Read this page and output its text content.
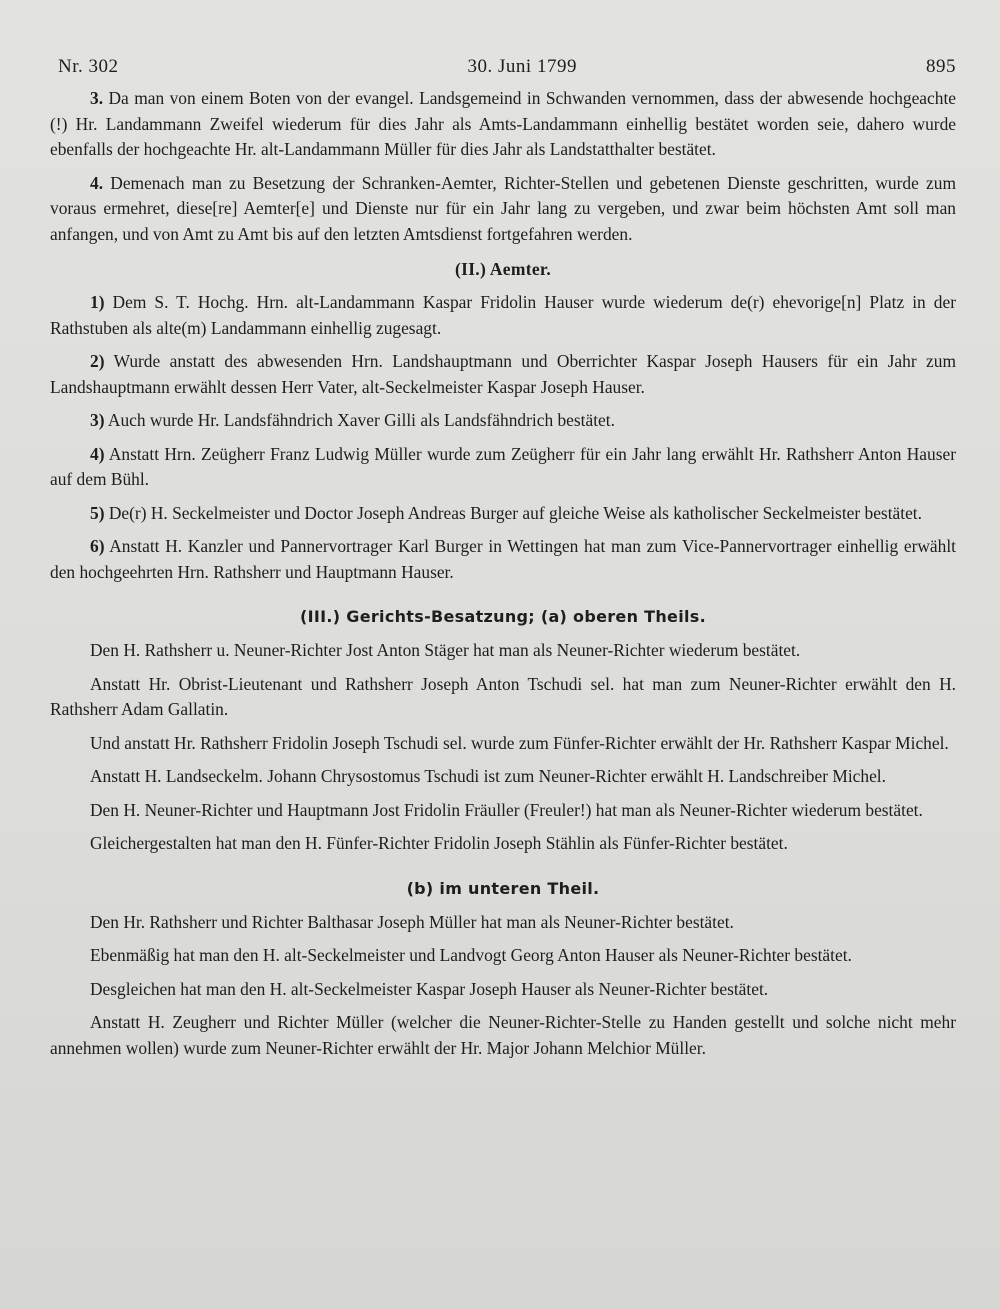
Nr. 302	30. Juni 1799	895

3. Da man von einem Boten von der evangel. Landsgemeind in Schwanden vernommen, dass der abwesende hochgeachte (!) Hr. Landammann Zweifel wiederum für dies Jahr als Amts-Landammann einhellig bestätet worden seie, dahero wurde ebenfalls der hochgeachte Hr. alt-Landammann Müller für dies Jahr als Landstatthalter bestätet.

4. Demenach man zu Besetzung der Schranken-Aemter, Richter-Stellen und gebetenen Dienste geschritten, wurde zum voraus ermehret, diese[re] Aemter[e] und Dienste nur für ein Jahr lang zu vergeben, und zwar beim höchsten Amt soll man anfangen, und von Amt zu Amt bis auf den letzten Amtsdienst fortgefahren werden.

(II.) Aemter.

1) Dem S. T. Hochg. Hrn. alt-Landammann Kaspar Fridolin Hauser wurde wiederum de(r) ehevorige[n] Platz in der Rathstuben als alte(m) Landammann einhellig zugesagt.

2) Wurde anstatt des abwesenden Hrn. Landshauptmann und Oberrichter Kaspar Joseph Hausers für ein Jahr zum Landshauptmann erwählt dessen Herr Vater, alt-Seckelmeister Kaspar Joseph Hauser.

3) Auch wurde Hr. Landsfähndrich Xaver Gilli als Landsfähndrich bestätet.

4) Anstatt Hrn. Zeügherr Franz Ludwig Müller wurde zum Zeügherr für ein Jahr lang erwählt Hr. Rathsherr Anton Hauser auf dem Bühl.

5) De(r) H. Seckelmeister und Doctor Joseph Andreas Burger auf gleiche Weise als katholischer Seckelmeister bestätet.

6) Anstatt H. Kanzler und Pannervortrager Karl Burger in Wettingen hat man zum Vice-Pannervortrager einhellig erwählt den hochgeehrten Hrn. Rathsherr und Hauptmann Hauser.

(III.) Gerichts-Besatzung; (a) oberen Theils.

Den H. Rathsherr u. Neuner-Richter Jost Anton Stäger hat man als Neuner-Richter wiederum bestätet.

Anstatt Hr. Obrist-Lieutenant und Rathsherr Joseph Anton Tschudi sel. hat man zum Neuner-Richter erwählt den H. Rathsherr Adam Gallatin.

Und anstatt Hr. Rathsherr Fridolin Joseph Tschudi sel. wurde zum Fünfer-Richter erwählt der Hr. Rathsherr Kaspar Michel.

Anstatt H. Landseckelm. Johann Chrysostomus Tschudi ist zum Neuner-Richter erwählt H. Landschreiber Michel.

Den H. Neuner-Richter und Hauptmann Jost Fridolin Fräuller (Freuler!) hat man als Neuner-Richter wiederum bestätet.

Gleichergestalten hat man den H. Fünfer-Richter Fridolin Joseph Stählin als Fünfer-Richter bestätet.

(b) im unteren Theil.

Den Hr. Rathsherr und Richter Balthasar Joseph Müller hat man als Neuner-Richter bestätet.

Ebenmäßig hat man den H. alt-Seckelmeister und Landvogt Georg Anton Hauser als Neuner-Richter bestätet.

Desgleichen hat man den H. alt-Seckelmeister Kaspar Joseph Hauser als Neuner-Richter bestätet.

Anstatt H. Zeugherr und Richter Müller (welcher die Neuner-Richter-Stelle zu Handen gestellt und solche nicht mehr annehmen wollen) wurde zum Neuner-Richter erwählt der Hr. Major Johann Melchior Müller.
